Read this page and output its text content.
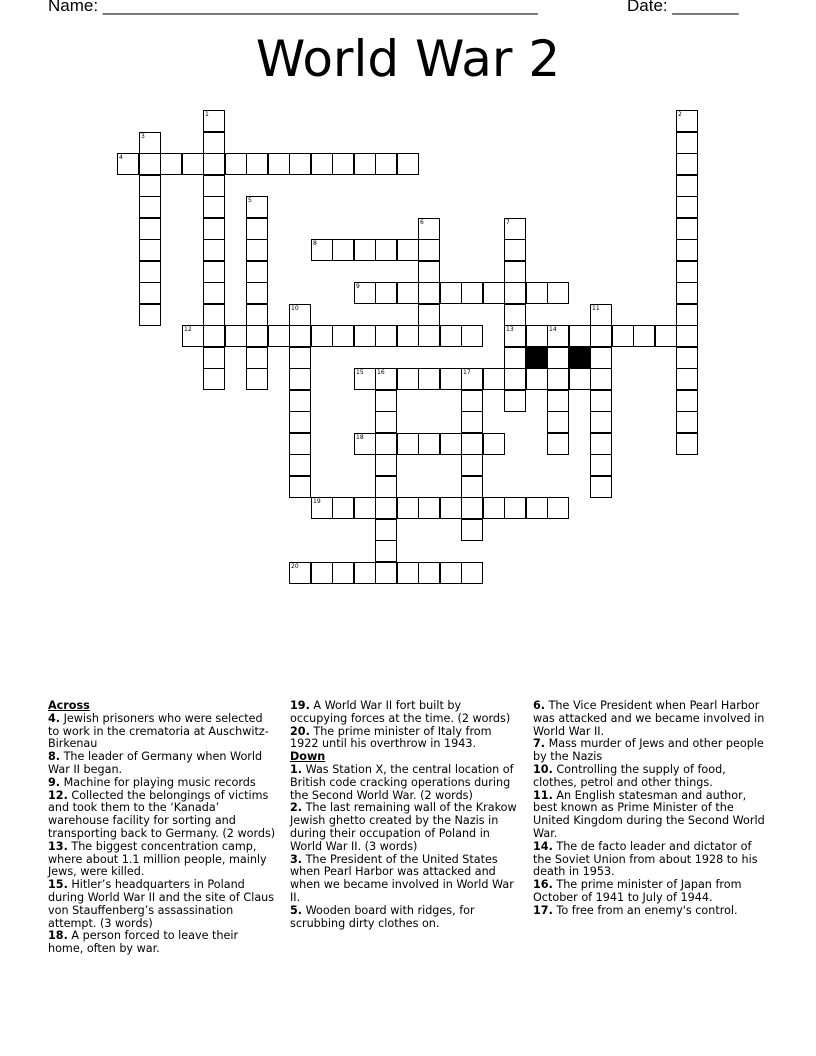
Name: ______________________________________________	Date: _______
World War 2
1	2
3
4
5
6	7
13
8
9
10	11
12	14
15 16	17
18
19
20
Across
4. Jewish prisoners who were selected to work in the crematoria at Auschwitz-Birkenau
8. The leader of Germany when World War II began.
9. Machine for playing music records
12. Collected the belongings of victims and took them to the ‘Kanada’ warehouse facility for sorting and transporting back to Germany. (2 words)
13. The biggest concentration camp, where about 1.1 million people, mainly Jews, were killed.
15. Hitler’s headquarters in Poland during World War II and the site of Claus von Stauffenberg’s assassination attempt. (3 words)
18. A person forced to leave their home, often by war.
19. A World War II fort built by occupying forces at the time. (2 words)
20. The prime minister of Italy from 1922 until his overthrow in 1943.
Down
1. Was Station X, the central location of British code cracking operations during the Second World War. (2 words)
2. The last remaining wall of the Krakow Jewish ghetto created by the Nazis in during their occupation of Poland in World War II. (3 words)
3. The President of the United States when Pearl Harbor was attacked and when we became involved in World War II.
5. Wooden board with ridges, for scrubbing dirty clothes on.
6. The Vice President when Pearl Harbor was attacked and we became involved in World War II.
7. Mass murder of Jews and other people by the Nazis
10. Controlling the supply of food, clothes, petrol and other things.
11. An English statesman and author, best known as Prime Minister of the United Kingdom during the Second World War.
14. The de facto leader and dictator of the Soviet Union from about 1928 to his death in 1953.
16. The prime minister of Japan from October of 1941 to July of 1944.
17. To free from an enemy's control.
